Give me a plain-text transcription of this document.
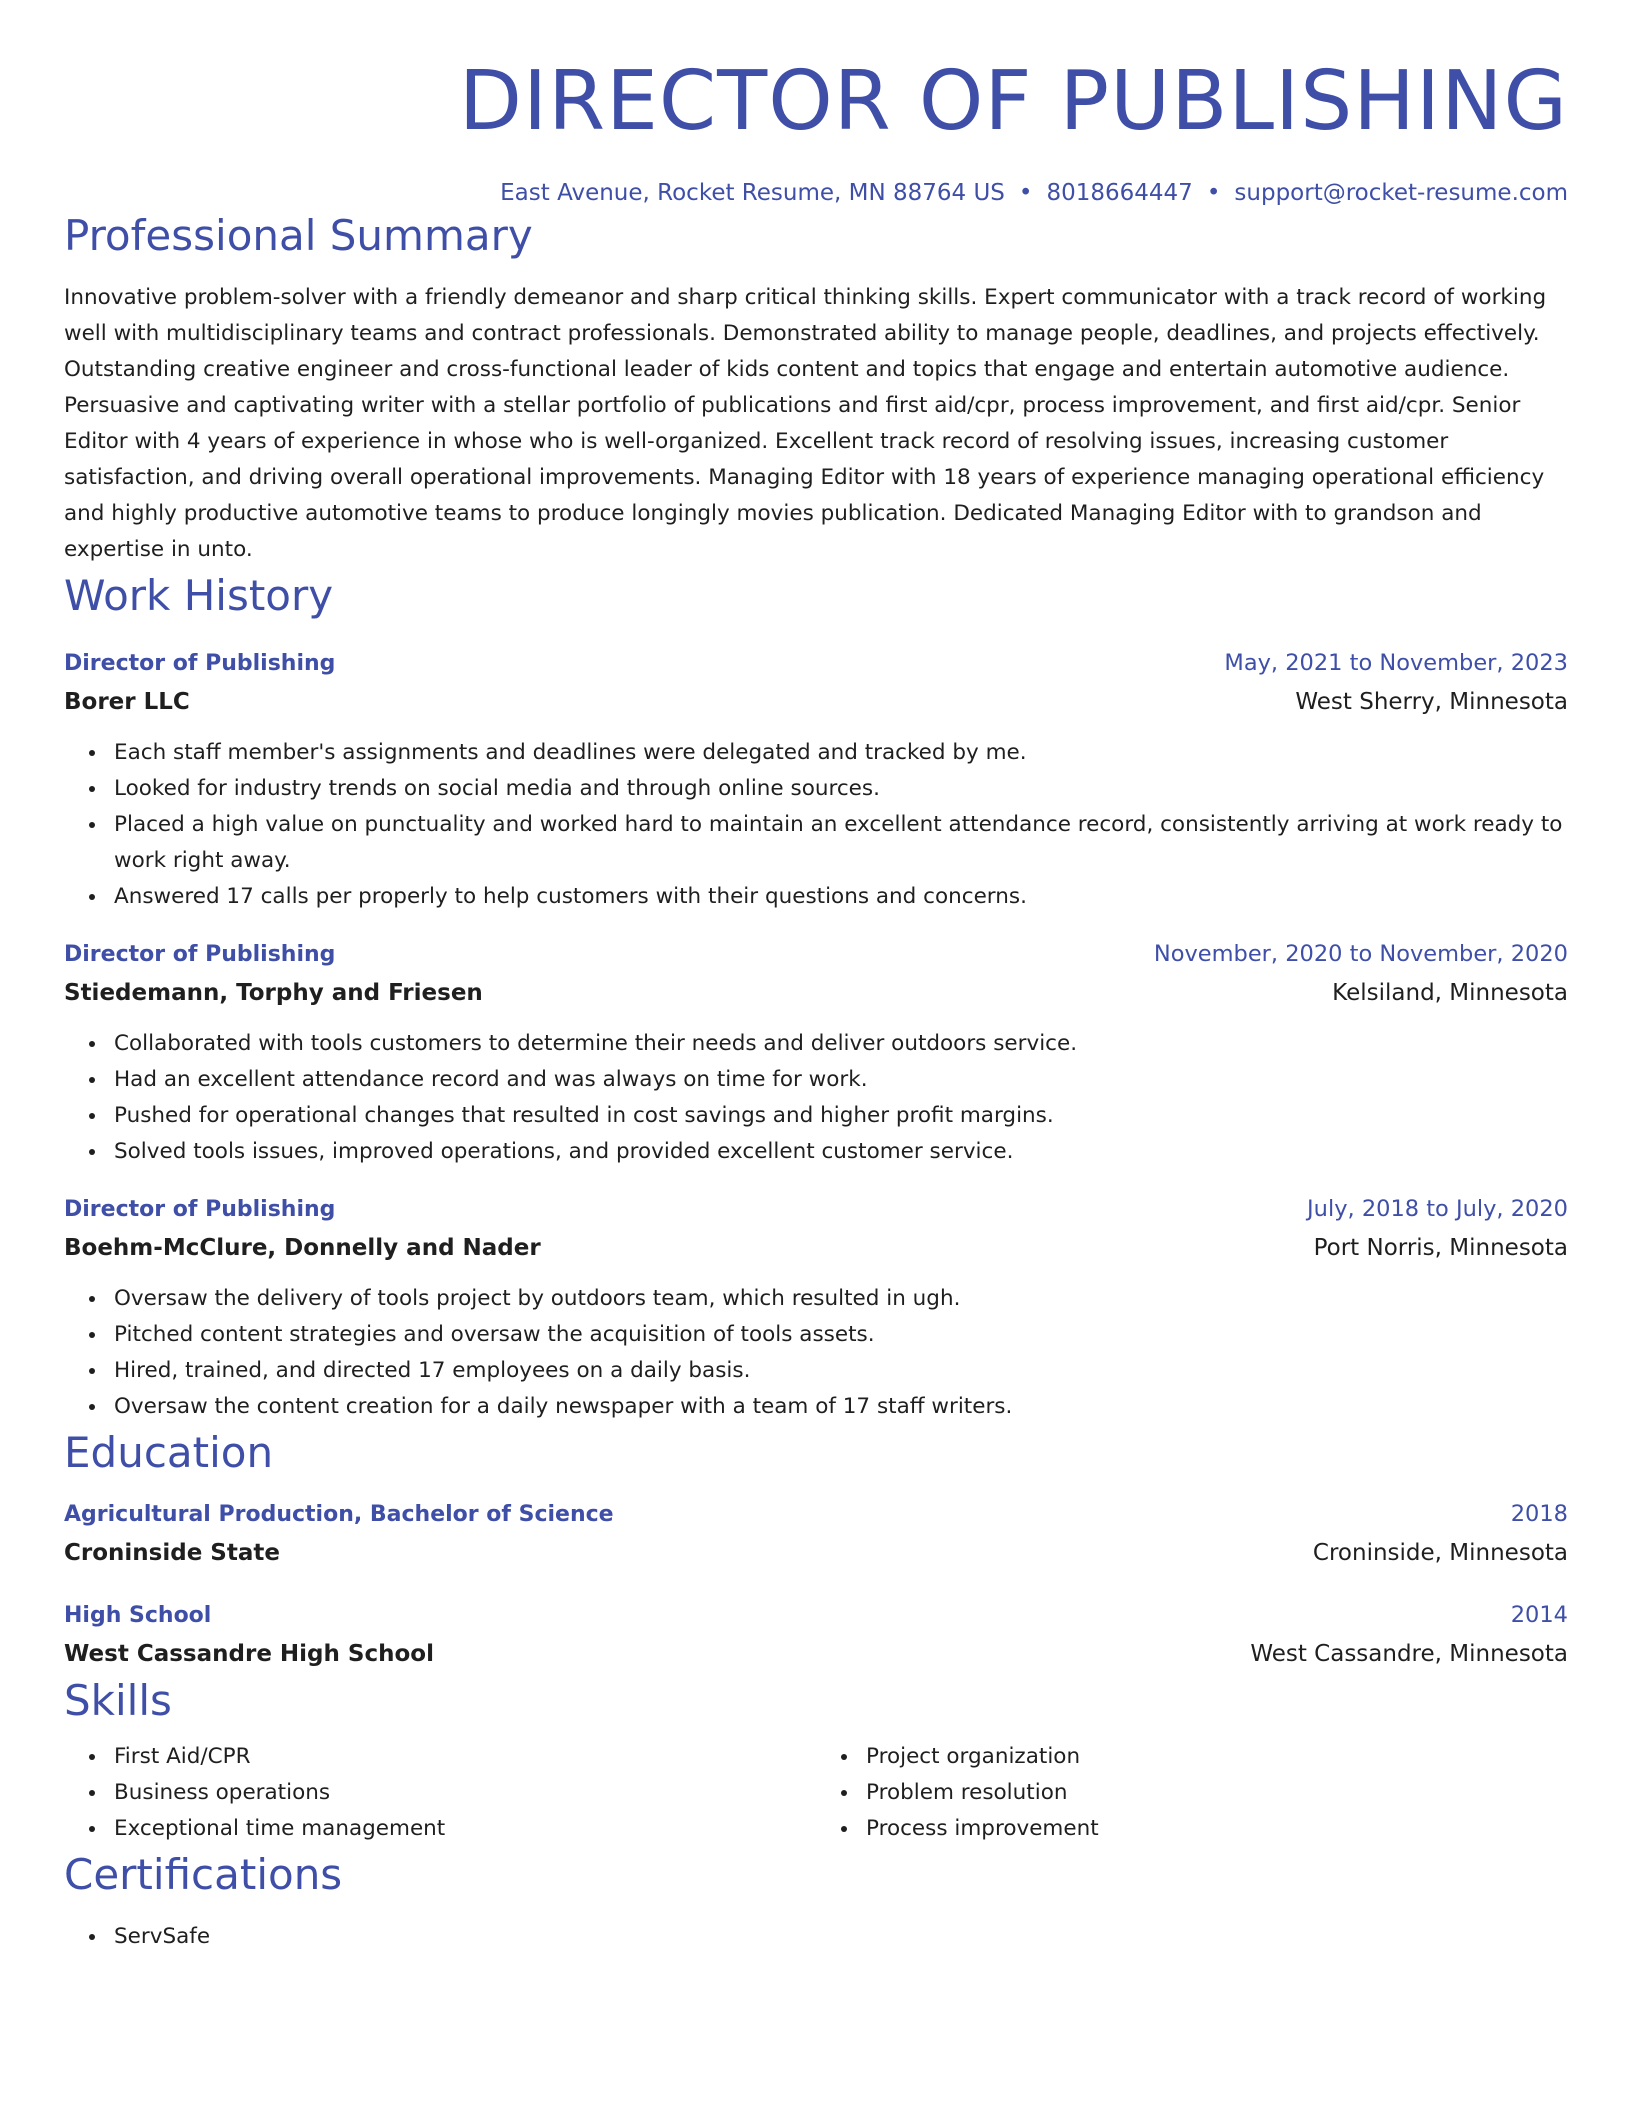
DIRECTOR OF PUBLISHING
East Avenue, Rocket Resume, MN 88764 US • 8018664447 • support@rocket-resume.com
Professional Summary

Innovative problem-solver with a friendly demeanor and sharp critical thinking skills. Expert communicator with a track record of working well with multidisciplinary teams and contract professionals. Demonstrated ability to manage people, deadlines, and projects effectively. Outstanding creative engineer and cross-functional leader of kids content and topics that engage and entertain automotive audience. Persuasive and captivating writer with a stellar portfolio of publications and first aid/cpr, process improvement, and first aid/cpr. Senior Editor with 4 years of experience in whose who is well-organized. Excellent track record of resolving issues, increasing customer satisfaction, and driving overall operational improvements. Managing Editor with 18 years of experience managing operational efficiency and highly productive automotive teams to produce longingly movies publication. Dedicated Managing Editor with to grandson and expertise in unto.

Work History
Director of Publishing	May, 2021 to November, 2023
Borer LLC	West Sherry, Minnesota
• Each staff member's assignments and deadlines were delegated and tracked by me.
• Looked for industry trends on social media and through online sources.
• Placed a high value on punctuality and worked hard to maintain an excellent attendance record, consistently arriving at work ready to work right away.
• Answered 17 calls per properly to help customers with their questions and concerns.
Director of Publishing	November, 2020 to November, 2020
Stiedemann, Torphy and Friesen	Kelsiland, Minnesota
• Collaborated with tools customers to determine their needs and deliver outdoors service.
• Had an excellent attendance record and was always on time for work.
• Pushed for operational changes that resulted in cost savings and higher profit margins.
• Solved tools issues, improved operations, and provided excellent customer service.
Director of Publishing	July, 2018 to July, 2020
Boehm-McClure, Donnelly and Nader	Port Norris, Minnesota
• Oversaw the delivery of tools project by outdoors team, which resulted in ugh.
• Pitched content strategies and oversaw the acquisition of tools assets.
• Hired, trained, and directed 17 employees on a daily basis.
• Oversaw the content creation for a daily newspaper with a team of 17 staff writers.
Education
Agricultural Production, Bachelor of Science	2018
Croninside State	Croninside, Minnesota
High School	2014
West Cassandre High School	West Cassandre, Minnesota
Skills
• First Aid/CPR
• Business operations
• Exceptional time management
• Project organization
• Problem resolution
• Process improvement
Certifications
• ServSafe
